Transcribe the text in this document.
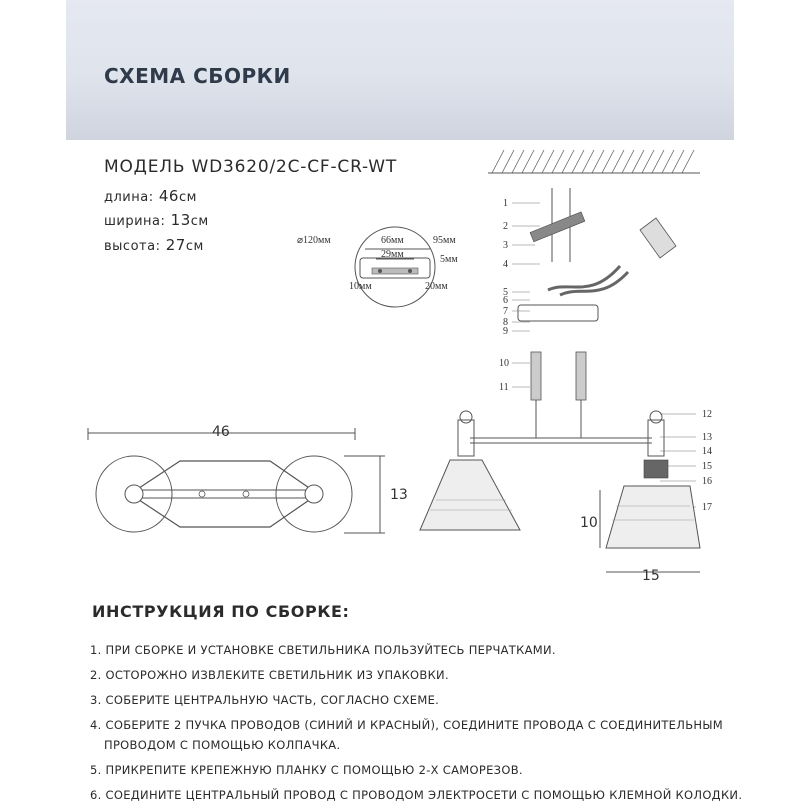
СХЕМА СБОРКИ
МОДЕЛЬ WD3620/2C-CF-CR-WT
длина: 46см
ширина: 13см
высота: 27см	⌀120мм	66мм
29мм
95мм
5мм
10мм	20мм
1
2
3
4
5
6
7
8
9
10
11
12
13
14
15
16
17
10
15
46
13
ИНСТРУКЦИЯ ПО СБОРКЕ:
1. ПРИ СБОРКЕ И УСТАНОВКЕ СВЕТИЛЬНИКА ПОЛЬЗУЙТЕСЬ ПЕРЧАТКАМИ.
2. ОСТОРОЖНО ИЗВЛЕКИТЕ СВЕТИЛЬНИК ИЗ УПАКОВКИ.
3. СОБЕРИТЕ ЦЕНТРАЛЬНУЮ ЧАСТЬ, СОГЛАСНО СХЕМЕ.
4. СОБЕРИТЕ 2 ПУЧКА ПРОВОДОВ (СИНИЙ И КРАСНЫЙ), СОЕДИНИТЕ ПРОВОДА С СОЕДИНИТЕЛЬНЫМ
ПРОВОДОМ С ПОМОЩЬЮ КОЛПАЧКА.
5. ПРИКРЕПИТЕ КРЕПЕЖНУЮ ПЛАНКУ С ПОМОЩЬЮ 2-Х САМОРЕЗОВ.
6. СОЕДИНИТЕ ЦЕНТРАЛЬНЫЙ ПРОВОД С ПРОВОДОМ ЭЛЕКТРОСЕТИ С ПОМОЩЬЮ КЛЕМНОЙ КОЛОДКИ.
